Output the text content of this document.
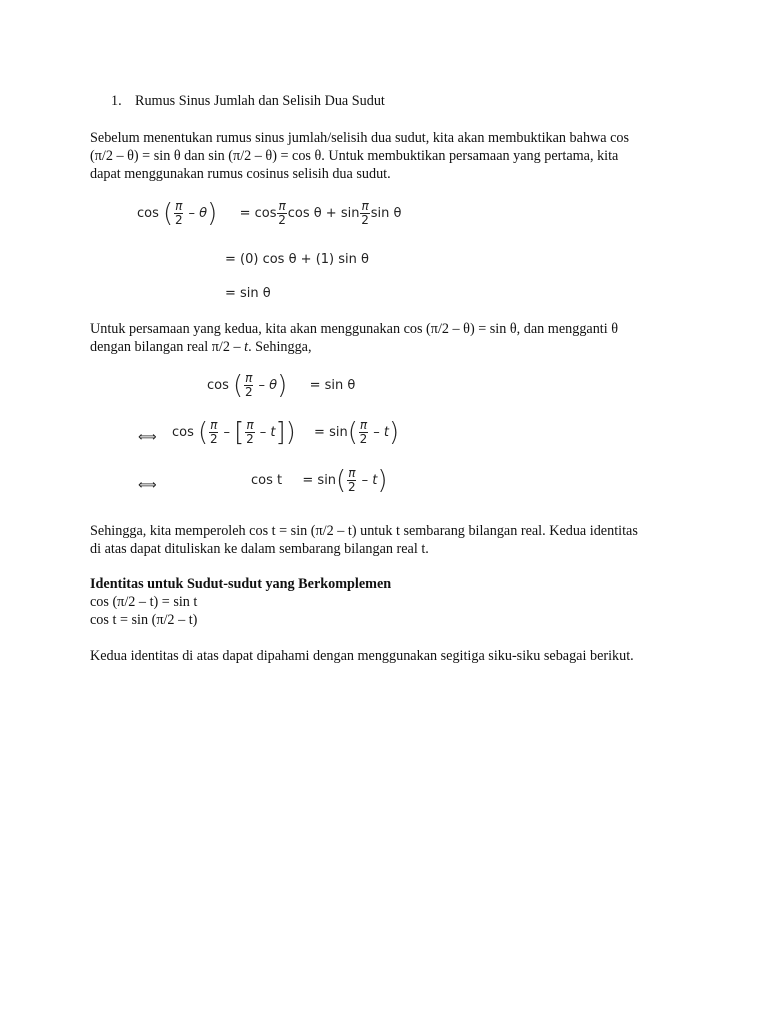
1. Rumus Sinus Jumlah dan Selisih Dua Sudut
Sebelum menentukan rumus sinus jumlah/selisih dua sudut, kita akan membuktikan bahwa cos
(π/2 – θ) = sin θ dan sin (π/2 – θ) = cos θ. Untuk membuktikan persamaan yang pertama, kita
dapat menggunakan rumus cosinus selisih dua sudut.
cos ( $\frac{\pi}{2} - \theta) = \cos \frac{\pi}{2}$ $\cos \theta + \sin \frac{\pi}{2}$ sin θ
= (0) cos θ + (1) sin θ
= sin θ
Untuk persamaan yang kedua, kita akan menggunakan cos (π/2 – θ) = sin θ, dan mengganti θ
dengan bilangan real π/2 – t. Sehingga,
cos ( $\frac{\pi}{2} - \theta) = \sin \theta$
⟺ cos ( $\frac{\pi}{2}$ – [ $\frac{\pi}{2} - t]) = \sin( \frac{\pi}{2} - t)$
⟺	$\cos t = \sin( \frac{\pi}{2} - t)$
Sehingga, kita memperoleh cos t = sin (π/2 – t) untuk t sembarang bilangan real. Kedua identitas
di atas dapat dituliskan ke dalam sembarang bilangan real t.
Identitas untuk Sudut-sudut yang Berkomplemen
cos (π/2 – t) = sin t
cos t = sin (π/2 – t)
Kedua identitas di atas dapat dipahami dengan menggunakan segitiga siku-siku sebagai berikut.
